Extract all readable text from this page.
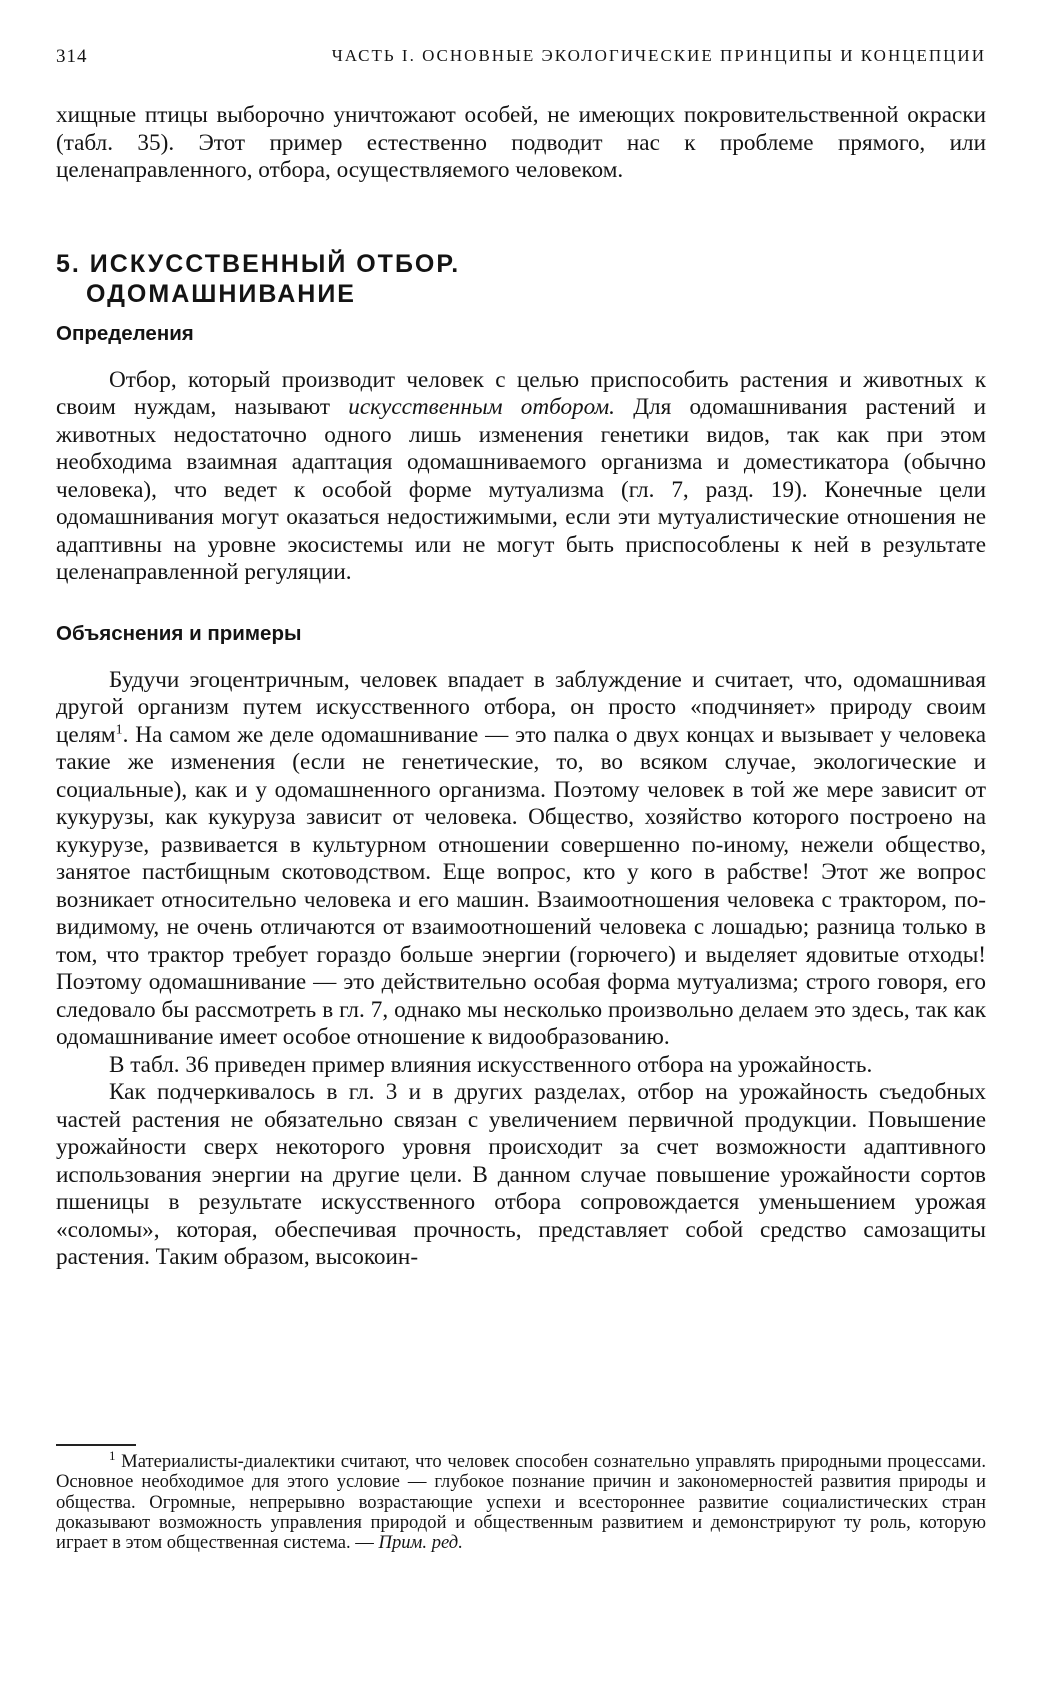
314	ЧАСТЬ I. ОСНОВНЫЕ ЭКОЛОГИЧЕСКИЕ ПРИНЦИПЫ И КОНЦЕПЦИИ

хищные птицы выборочно уничтожают особей, не имеющих покровительственной окраски (табл. 35). Этот пример естественно подводит нас к проблеме прямого, или целенаправленного, отбора, осуществляемого человеком.

5. ИСКУССТВЕННЫЙ ОТБОР.
ОДОМАШНИВАНИЕ
Определения

Отбор, который производит человек с целью приспособить растения и животных к своим нуждам, называют искусственным отбором. Для одомашнивания растений и животных недостаточно одного лишь изменения генетики видов, так как при этом необходима взаимная адаптация одомашниваемого организма и доместикатора (обычно человека), что ведет к особой форме мутуализма (гл. 7, разд. 19). Конечные цели одомашнивания могут оказаться недостижимыми, если эти мутуалистические отношения не адаптивны на уровне экосистемы или не могут быть приспособлены к ней в результате целенаправленной регуляции.

Объяснения и примеры

Будучи эгоцентричным, человек впадает в заблуждение и считает, что, одомашнивая другой организм путем искусственного отбора, он просто «подчиняет» природу своим целям$^1$. На самом же деле одомашнивание — это палка о двух концах и вызывает у человека такие же изменения (если не генетические, то, во всяком случае, экологические и социальные), как и у одомашненного организма. Поэтому человек в той же мере зависит от кукурузы, как кукуруза зависит от человека. Общество, хозяйство которого построено на кукурузе, развивается в культурном отношении совершенно по-иному, нежели общество, занятое пастбищным скотоводством. Еще вопрос, кто у кого в рабстве! Этот же вопрос возникает относительно человека и его машин. Взаимоотношения человека с трактором, по-видимому, не очень отличаются от взаимоотношений человека с лошадью; разница только в том, что трактор требует гораздо больше энергии (горючего) и выделяет ядовитые отходы! Поэтому одомашнивание — это действительно особая форма мутуализма; строго говоря, его следовало бы рассмотреть в гл. 7, однако мы несколько произвольно делаем это здесь, так как одомашнивание имеет особое отношение к видообразованию.

В табл. 36 приведен пример влияния искусственного отбора на урожайность.

Как подчеркивалось в гл. 3 и в других разделах, отбор на урожайность съедобных частей растения не обязательно связан с увеличением первичной продукции. Повышение урожайности сверх некоторого уровня происходит за счет возможности адаптивного использования энергии на другие цели. В данном случае повышение урожайности сортов пшеницы в результате искусственного отбора сопровождается уменьшением урожая «соломы», которая, обеспечивая прочность, представляет собой средство самозащиты растения. Таким образом, высокоин-

$^1$ Материалисты-диалектики считают, что человек способен сознательно управлять природными процессами. Основное необходимое для этого условие — глубокое познание причин и закономерностей развития природы и общества. Огромные, непрерывно возрастающие успехи и всестороннее развитие социалистических стран доказывают возможность управления природой и общественным развитием и демонстрируют ту роль, которую играет в этом общественная система. — Прим. ред.
